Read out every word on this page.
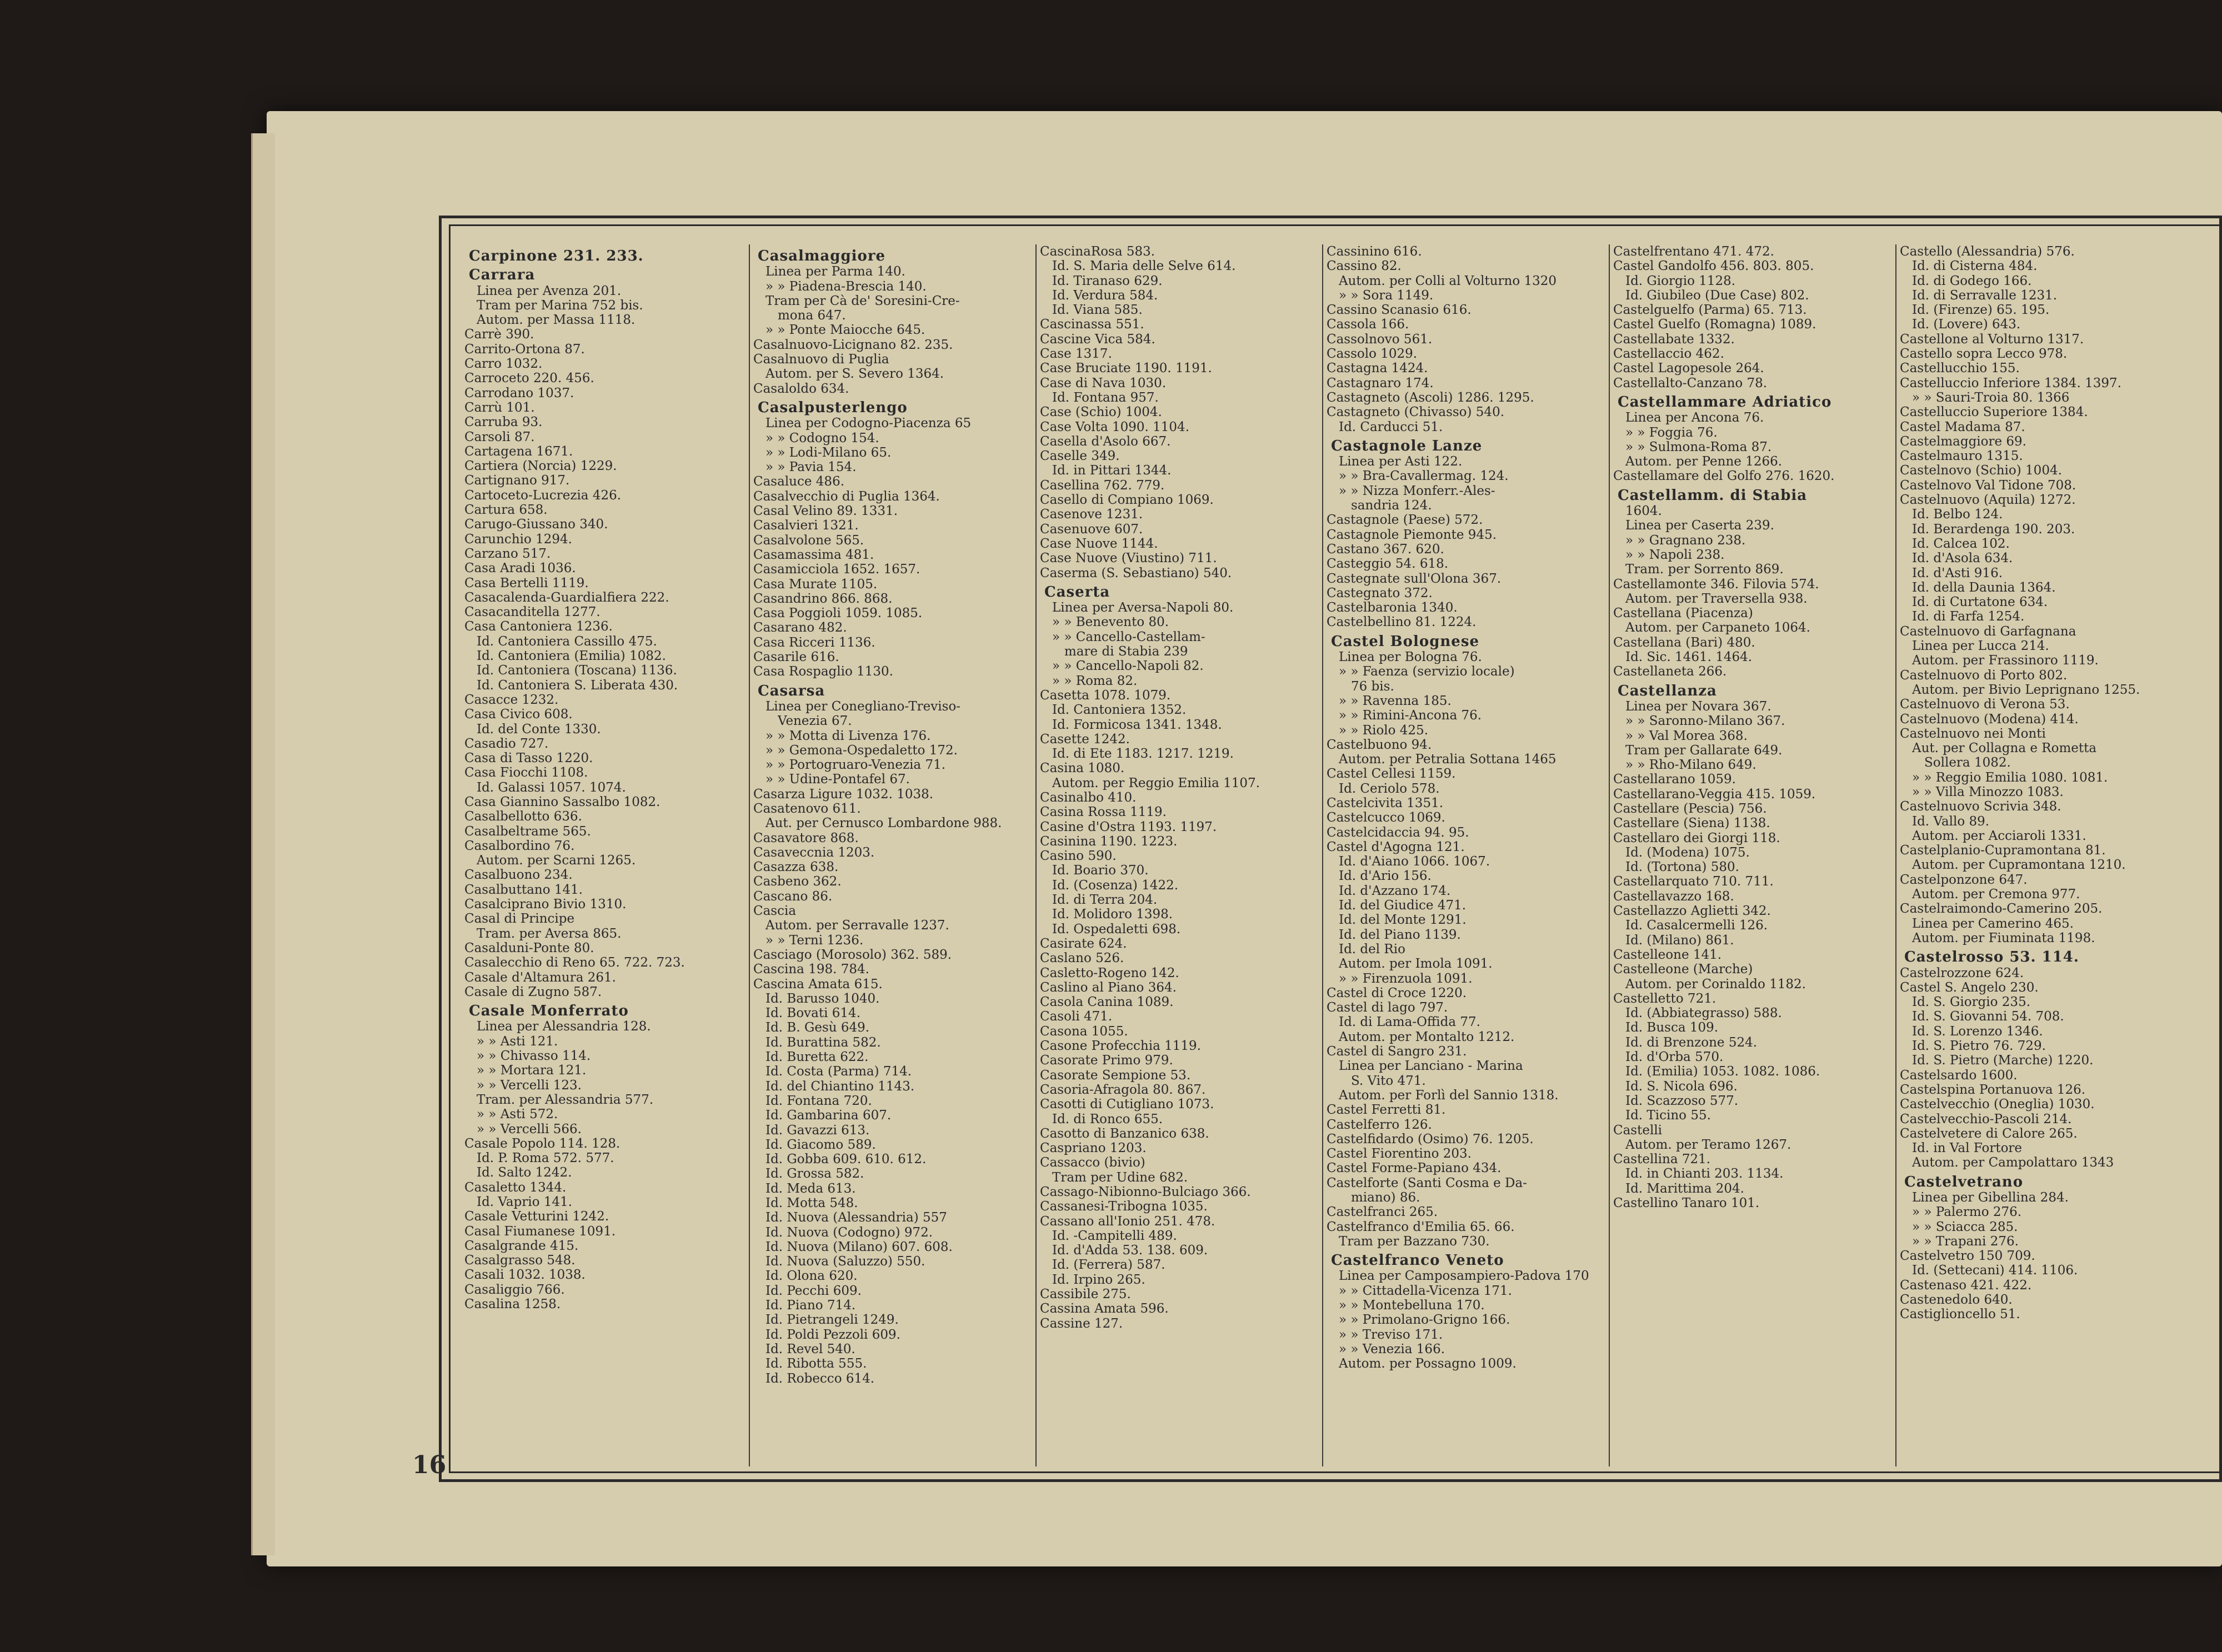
16
Carpinone 231. 233.
Carrara
Linea per Avenza 201.
Tram per Marina 752 bis.
Autom. per Massa 1118.
Carrè 390.
Carrito-Ortona 87.
Carro 1032.
Carroceto 220. 456.
Carrodano 1037.
Carrù 101.
Carruba 93.
Carsoli 87.
Cartagena 1671.
Cartiera (Norcia) 1229.
Cartignano 917.
Cartoceto-Lucrezia 426.
Cartura 658.
Carugo-Giussano 340.
Carunchio 1294.
Carzano 517.
Casa Aradi 1036.
Casa Bertelli 1119.
Casacalenda-Guardialfiera 222.
Casacanditella 1277.
Casa Cantoniera 1236.
Id. Cantoniera Cassillo 475.
Id. Cantoniera (Emilia) 1082.
Id. Cantoniera (Toscana) 1136.
Id. Cantoniera S. Liberata 430.
Casacce 1232.
Casa Civico 608.
Id. del Conte 1330.
Casadio 727.
Casa di Tasso 1220.
Casa Fiocchi 1108.
Id. Galassi 1057. 1074.
Casa Giannino Sassalbo 1082.
Casalbellotto 636.
Casalbeltrame 565.
Casalbordino 76.
Autom. per Scarni 1265.
Casalbuono 234.
Casalbuttano 141.
Casalciprano Bivio 1310.
Casal di Principe
Tram. per Aversa 865.
Casalduni-Ponte 80.
Casalecchio di Reno 65. 722. 723.
Casale d'Altamura 261.
Casale di Zugno 587.
Casale Monferrato
Linea per Alessandria 128.
» » Asti 121.
» » Chivasso 114.
» » Mortara 121.
» » Vercelli 123.
Tram. per Alessandria 577.
» » Asti 572.
» » Vercelli 566.
Casale Popolo 114. 128.
Id. P. Roma 572. 577.
Id. Salto 1242.
Casaletto 1344.
Id. Vaprio 141.
Casale Vetturini 1242.
Casal Fiumanese 1091.
Casalgrande 415.
Casalgrasso 548.
Casali 1032. 1038.
Casaliggio 766.
Casalina 1258.
Casalmaggiore
Linea per Parma 140.
» » Piadena-Brescia 140.
Tram per Cà de' Soresini-Cre-
mona 647.
» » Ponte Maiocche 645.
Casalnuovo-Licignano 82. 235.
Casalnuovo di Puglia
Autom. per S. Severo 1364.
Casaloldo 634.
Casalpusterlengo
Linea per Codogno-Piacenza 65
» » Codogno 154.
» » Lodi-Milano 65.
» » Pavia 154.
Casaluce 486.
Casalvecchio di Puglia 1364.
Casal Velino 89. 1331.
Casalvieri 1321.
Casalvolone 565.
Casamassima 481.
Casamicciola 1652. 1657.
Casa Murate 1105.
Casandrino 866. 868.
Casa Poggioli 1059. 1085.
Casarano 482.
Casa Ricceri 1136.
Casarile 616.
Casa Rospaglio 1130.
Casarsa
Linea per Conegliano-Treviso-
Venezia 67.
» » Motta di Livenza 176.
» » Gemona-Ospedaletto 172.
» » Portogruaro-Venezia 71.
» » Udine-Pontafel 67.
Casarza Ligure 1032. 1038.
Casatenovo 611.
Aut. per Cernusco Lombardone 988.
Casavatore 868.
Casaveccnia 1203.
Casazza 638.
Casbeno 362.
Cascano 86.
Cascia
Autom. per Serravalle 1237.
» » Terni 1236.
Casciago (Morosolo) 362. 589.
Cascina 198. 784.
Cascina Amata 615.
Id. Barusso 1040.
Id. Bovati 614.
Id. B. Gesù 649.
Id. Burattina 582.
Id. Buretta 622.
Id. Costa (Parma) 714.
Id. del Chiantino 1143.
Id. Fontana 720.
Id. Gambarina 607.
Id. Gavazzi 613.
Id. Giacomo 589.
Id. Gobba 609. 610. 612.
Id. Grossa 582.
Id. Meda 613.
Id. Motta 548.
Id. Nuova (Alessandria) 557
Id. Nuova (Codogno) 972.
Id. Nuova (Milano) 607. 608.
Id. Nuova (Saluzzo) 550.
Id. Olona 620.
Id. Pecchi 609.
Id. Piano 714.
Id. Pietrangeli 1249.
Id. Poldi Pezzoli 609.
Id. Revel 540.
Id. Ribotta 555.
Id. Robecco 614.
CascinaRosa 583.
Id. S. Maria delle Selve 614.
Id. Tiranaso 629.
Id. Verdura 584.
Id. Viana 585.
Cascinassa 551.
Cascine Vica 584.
Case 1317.
Case Bruciate 1190. 1191.
Case di Nava 1030.
Id. Fontana 957.
Case (Schio) 1004.
Case Volta 1090. 1104.
Casella d'Asolo 667.
Caselle 349.
Id. in Pittari 1344.
Casellina 762. 779.
Casello di Compiano 1069.
Casenove 1231.
Casenuove 607.
Case Nuove 1144.
Case Nuove (Viustino) 711.
Caserma (S. Sebastiano) 540.
Caserta
Linea per Aversa-Napoli 80.
» » Benevento 80.
» » Cancello-Castellam-
mare di Stabia 239
» » Cancello-Napoli 82.
» » Roma 82.
Casetta 1078. 1079.
Id. Cantoniera 1352.
Id. Formicosa 1341. 1348.
Casette 1242.
Id. di Ete 1183. 1217. 1219.
Casina 1080.
Autom. per Reggio Emilia 1107.
Casinalbo 410.
Casina Rossa 1119.
Casine d'Ostra 1193. 1197.
Casinina 1190. 1223.
Casino 590.
Id. Boario 370.
Id. (Cosenza) 1422.
Id. di Terra 204.
Id. Molidoro 1398.
Id. Ospedaletti 698.
Casirate 624.
Caslano 526.
Casletto-Rogeno 142.
Caslino al Piano 364.
Casola Canina 1089.
Casoli 471.
Casona 1055.
Casone Profecchia 1119.
Casorate Primo 979.
Casorate Sempione 53.
Casoria-Afragola 80. 867.
Casotti di Cutigliano 1073.
Id. di Ronco 655.
Casotto di Banzanico 638.
Caspriano 1203.
Cassacco (bivio)
Tram per Udine 682.
Cassago-Nibionno-Bulciago 366.
Cassanesi-Tribogna 1035.
Cassano all'Ionio 251. 478.
Id. -Campitelli 489.
Id. d'Adda 53. 138. 609.
Id. (Ferrera) 587.
Id. Irpino 265.
Cassibile 275.
Cassina Amata 596.
Cassine 127.
Cassinino 616.
Cassino 82.
Autom. per Colli al Volturno 1320
» » Sora 1149.
Cassino Scanasio 616.
Cassola 166.
Cassolnovo 561.
Cassolo 1029.
Castagna 1424.
Castagnaro 174.
Castagneto (Ascoli) 1286. 1295.
Castagneto (Chivasso) 540.
Id. Carducci 51.
Castagnole Lanze
Linea per Asti 122.
» » Bra-Cavallermag. 124.
» » Nizza Monferr.-Ales-
sandria 124.
Castagnole (Paese) 572.
Castagnole Piemonte 945.
Castano 367. 620.
Casteggio 54. 618.
Castegnate sull'Olona 367.
Castegnato 372.
Castelbaronia 1340.
Castelbellino 81. 1224.
Castel Bolognese
Linea per Bologna 76.
» » Faenza (servizio locale)
76 bis.
» » Ravenna 185.
» » Rimini-Ancona 76.
» » Riolo 425.
Castelbuono 94.
Autom. per Petralia Sottana 1465
Castel Cellesi 1159.
Id. Ceriolo 578.
Castelcivita 1351.
Castelcucco 1069.
Castelcidaccia 94. 95.
Castel d'Agogna 121.
Id. d'Aiano 1066. 1067.
Id. d'Ario 156.
Id. d'Azzano 174.
Id. del Giudice 471.
Id. del Monte 1291.
Id. del Piano 1139.
Id. del Rio
Autom. per Imola 1091.
» » Firenzuola 1091.
Castel di Croce 1220.
Castel di lago 797.
Id. di Lama-Offida 77.
Autom. per Montalto 1212.
Castel di Sangro 231.
Linea per Lanciano - Marina
S. Vito 471.
Autom. per Forlì del Sannio 1318.
Castel Ferretti 81.
Castelferro 126.
Castelfidardo (Osimo) 76. 1205.
Castel Fiorentino 203.
Castel Forme-Papiano 434.
Castelforte (Santi Cosma e Da-
miano) 86.
Castelfranci 265.
Castelfranco d'Emilia 65. 66.
Tram per Bazzano 730.
Castelfranco Veneto
Linea per Camposampiero-Padova 170
» » Cittadella-Vicenza 171.
» » Montebelluna 170.
» » Primolano-Grigno 166.
» » Treviso 171.
» » Venezia 166.
Autom. per Possagno 1009.
Castelfrentano 471. 472.
Castel Gandolfo 456. 803. 805.
Id. Giorgio 1128.
Id. Giubileo (Due Case) 802.
Castelguelfo (Parma) 65. 713.
Castel Guelfo (Romagna) 1089.
Castellabate 1332.
Castellaccio 462.
Castel Lagopesole 264.
Castellalto-Canzano 78.
Castellammare Adriatico
Linea per Ancona 76.
» » Foggia 76.
» » Sulmona-Roma 87.
Autom. per Penne 1266.
Castellamare del Golfo 276. 1620.
Castellamm. di Stabia
1604.
Linea per Caserta 239.
» » Gragnano 238.
» » Napoli 238.
Tram. per Sorrento 869.
Castellamonte 346. Filovia 574.
Autom. per Traversella 938.
Castellana (Piacenza)
Autom. per Carpaneto 1064.
Castellana (Bari) 480.
Id. Sic. 1461. 1464.
Castellaneta 266.
Castellanza
Linea per Novara 367.
» » Saronno-Milano 367.
» » Val Morea 368.
Tram per Gallarate 649.
» » Rho-Milano 649.
Castellarano 1059.
Castellarano-Veggia 415. 1059.
Castellare (Pescia) 756.
Castellare (Siena) 1138.
Castellaro dei Giorgi 118.
Id. (Modena) 1075.
Id. (Tortona) 580.
Castellarquato 710. 711.
Castellavazzo 168.
Castellazzo Aglietti 342.
Id. Casalcermelli 126.
Id. (Milano) 861.
Castelleone 141.
Castelleone (Marche)
Autom. per Corinaldo 1182.
Castelletto 721.
Id. (Abbiategrasso) 588.
Id. Busca 109.
Id. di Brenzone 524.
Id. d'Orba 570.
Id. (Emilia) 1053. 1082. 1086.
Id. S. Nicola 696.
Id. Scazzoso 577.
Id. Ticino 55.
Castelli
Autom. per Teramo 1267.
Castellina 721.
Id. in Chianti 203. 1134.
Id. Marittima 204.
Castellino Tanaro 101.
Castello (Alessandria) 576.
Id. di Cisterna 484.
Id. di Godego 166.
Id. di Serravalle 1231.
Id. (Firenze) 65. 195.
Id. (Lovere) 643.
Castellone al Volturno 1317.
Castello sopra Lecco 978.
Castellucchio 155.
Castelluccio Inferiore 1384. 1397.
» » Sauri-Troia 80. 1366
Castelluccio Superiore 1384.
Castel Madama 87.
Castelmaggiore 69.
Castelmauro 1315.
Castelnovo (Schio) 1004.
Castelnovo Val Tidone 708.
Castelnuovo (Aquila) 1272.
Id. Belbo 124.
Id. Berardenga 190. 203.
Id. Calcea 102.
Id. d'Asola 634.
Id. d'Asti 916.
Id. della Daunia 1364.
Id. di Curtatone 634.
Id. di Farfa 1254.
Castelnuovo di Garfagnana
Linea per Lucca 214.
Autom. per Frassinoro 1119.
Castelnuovo di Porto 802.
Autom. per Bivio Leprignano 1255.
Castelnuovo di Verona 53.
Castelnuovo (Modena) 414.
Castelnuovo nei Monti
Aut. per Collagna e Rometta
Sollera 1082.
» » Reggio Emilia 1080. 1081.
» » Villa Minozzo 1083.
Castelnuovo Scrivia 348.
Id. Vallo 89.
Autom. per Acciaroli 1331.
Castelplanio-Cupramontana 81.
Autom. per Cupramontana 1210.
Castelponzone 647.
Autom. per Cremona 977.
Castelraimondo-Camerino 205.
Linea per Camerino 465.
Autom. per Fiuminata 1198.
Castelrosso 53. 114.
Castelrozzone 624.
Castel S. Angelo 230.
Id. S. Giorgio 235.
Id. S. Giovanni 54. 708.
Id. S. Lorenzo 1346.
Id. S. Pietro 76. 729.
Id. S. Pietro (Marche) 1220.
Castelsardo 1600.
Castelspina Portanuova 126.
Castelvecchio (Oneglia) 1030.
Castelvecchio-Pascoli 214.
Castelvetere di Calore 265.
Id. in Val Fortore
Autom. per Campolattaro 1343
Castelvetrano
Linea per Gibellina 284.
» » Palermo 276.
» » Sciacca 285.
» » Trapani 276.
Castelvetro 150 709.
Id. (Settecani) 414. 1106.
Castenaso 421. 422.
Castenedolo 640.
Castiglioncello 51.
